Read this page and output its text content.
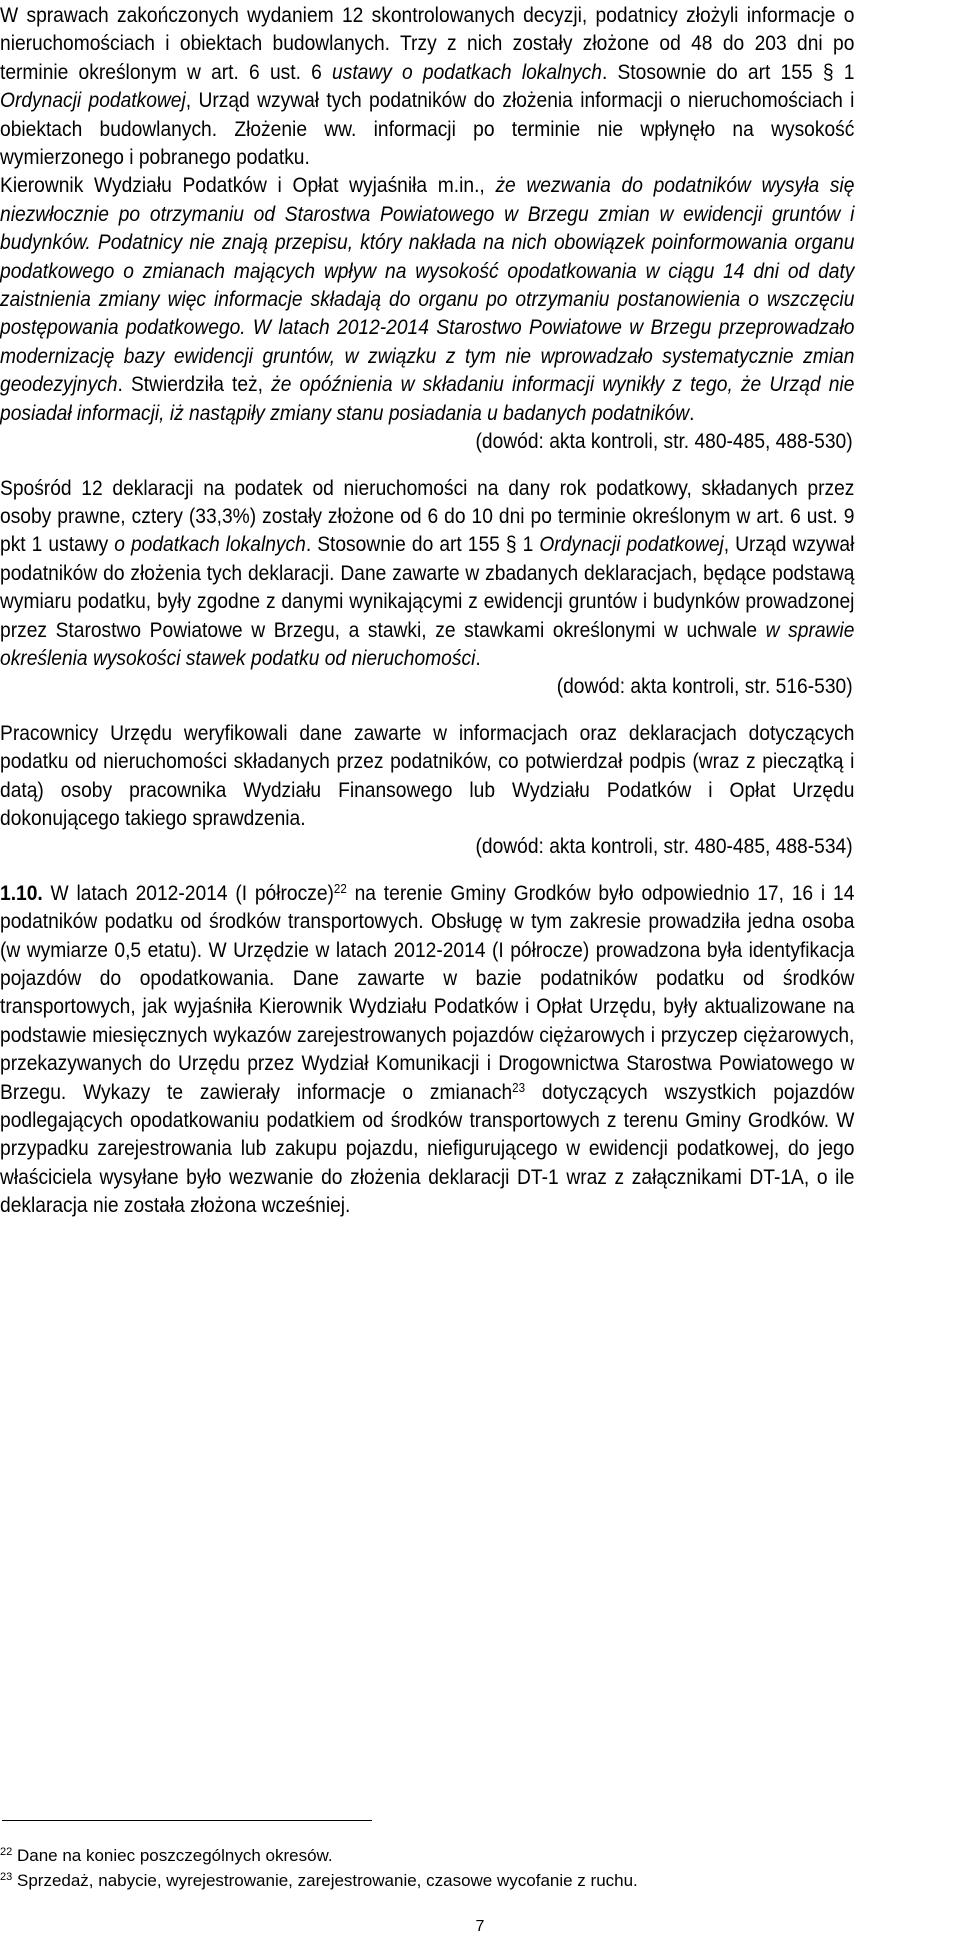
W sprawach zakończonych wydaniem 12 skontrolowanych decyzji, podatnicy złożyli informacje o nieruchomościach i obiektach budowlanych. Trzy z nich zostały złożone od 48 do 203 dni po terminie określonym w art. 6 ust. 6 ustawy o podatkach lokalnych. Stosownie do art 155 § 1 Ordynacji podatkowej, Urząd wzywał tych podatników do złożenia informacji o nieruchomościach i obiektach budowlanych. Złożenie ww. informacji po terminie nie wpłynęło na wysokość wymierzonego i pobranego podatku.

Kierownik Wydziału Podatków i Opłat wyjaśniła m.in., że wezwania do podatników wysyła się niezwłocznie po otrzymaniu od Starostwa Powiatowego w Brzegu zmian w ewidencji gruntów i budynków. Podatnicy nie znają przepisu, który nakłada na nich obowiązek poinformowania organu podatkowego o zmianach mających wpływ na wysokość opodatkowania w ciągu 14 dni od daty zaistnienia zmiany więc informacje składają do organu po otrzymaniu postanowienia o wszczęciu postępowania podatkowego. W latach 2012-2014 Starostwo Powiatowe w Brzegu przeprowadzało modernizację bazy ewidencji gruntów, w związku z tym nie wprowadzało systematycznie zmian geodezyjnych. Stwierdziła też, że opóźnienia w składaniu informacji wynikły z tego, że Urząd nie posiadał informacji, iż nastąpiły zmiany stanu posiadania u badanych podatników.

(dowód: akta kontroli, str. 480-485, 488-530)

Spośród 12 deklaracji na podatek od nieruchomości na dany rok podatkowy, składanych przez osoby prawne, cztery (33,3%) zostały złożone od 6 do 10 dni po terminie określonym w art. 6 ust. 9 pkt 1 ustawy o podatkach lokalnych. Stosownie do art 155 § 1 Ordynacji podatkowej, Urząd wzywał podatników do złożenia tych deklaracji. Dane zawarte w zbadanych deklaracjach, będące podstawą wymiaru podatku, były zgodne z danymi wynikającymi z ewidencji gruntów i budynków prowadzonej przez Starostwo Powiatowe w Brzegu, a stawki, ze stawkami określonymi w uchwale w sprawie określenia wysokości stawek podatku od nieruchomości.

(dowód: akta kontroli, str. 516-530)

Pracownicy Urzędu weryfikowali dane zawarte w informacjach oraz deklaracjach dotyczących podatku od nieruchomości składanych przez podatników, co potwierdzał podpis (wraz z pieczątką i datą) osoby pracownika Wydziału Finansowego lub Wydziału Podatków i Opłat Urzędu dokonującego takiego sprawdzenia.

(dowód: akta kontroli, str. 480-485, 488-534)

1.10. W latach 2012-2014 (I półrocze)$^{22}$ na terenie Gminy Grodków było odpowiednio 17, 16 i 14 podatników podatku od środków transportowych. Obsługę w tym zakresie prowadziła jedna osoba (w wymiarze 0,5 etatu). W Urzędzie w latach 2012-2014 (I półrocze) prowadzona była identyfikacja pojazdów do opodatkowania. Dane zawarte w bazie podatników podatku od środków transportowych, jak wyjaśniła Kierownik Wydziału Podatków i Opłat Urzędu, były aktualizowane na podstawie miesięcznych wykazów zarejestrowanych pojazdów ciężarowych i przyczep ciężarowych, przekazywanych do Urzędu przez Wydział Komunikacji i Drogownictwa Starostwa Powiatowego w Brzegu. Wykazy te zawierały informacje o zmianach$^{23}$ dotyczących wszystkich pojazdów podlegających opodatkowaniu podatkiem od środków transportowych z terenu Gminy Grodków. W przypadku zarejestrowania lub zakupu pojazdu, niefigurującego w ewidencji podatkowej, do jego właściciela wysyłane było wezwanie do złożenia deklaracji DT-1 wraz z załącznikami DT-1A, o ile deklaracja nie została złożona wcześniej.

$^{22}$ Dane na koniec poszczególnych okresów.
$^{23}$ Sprzedaż, nabycie, wyrejestrowanie, zarejestrowanie, czasowe wycofanie z ruchu.
7
